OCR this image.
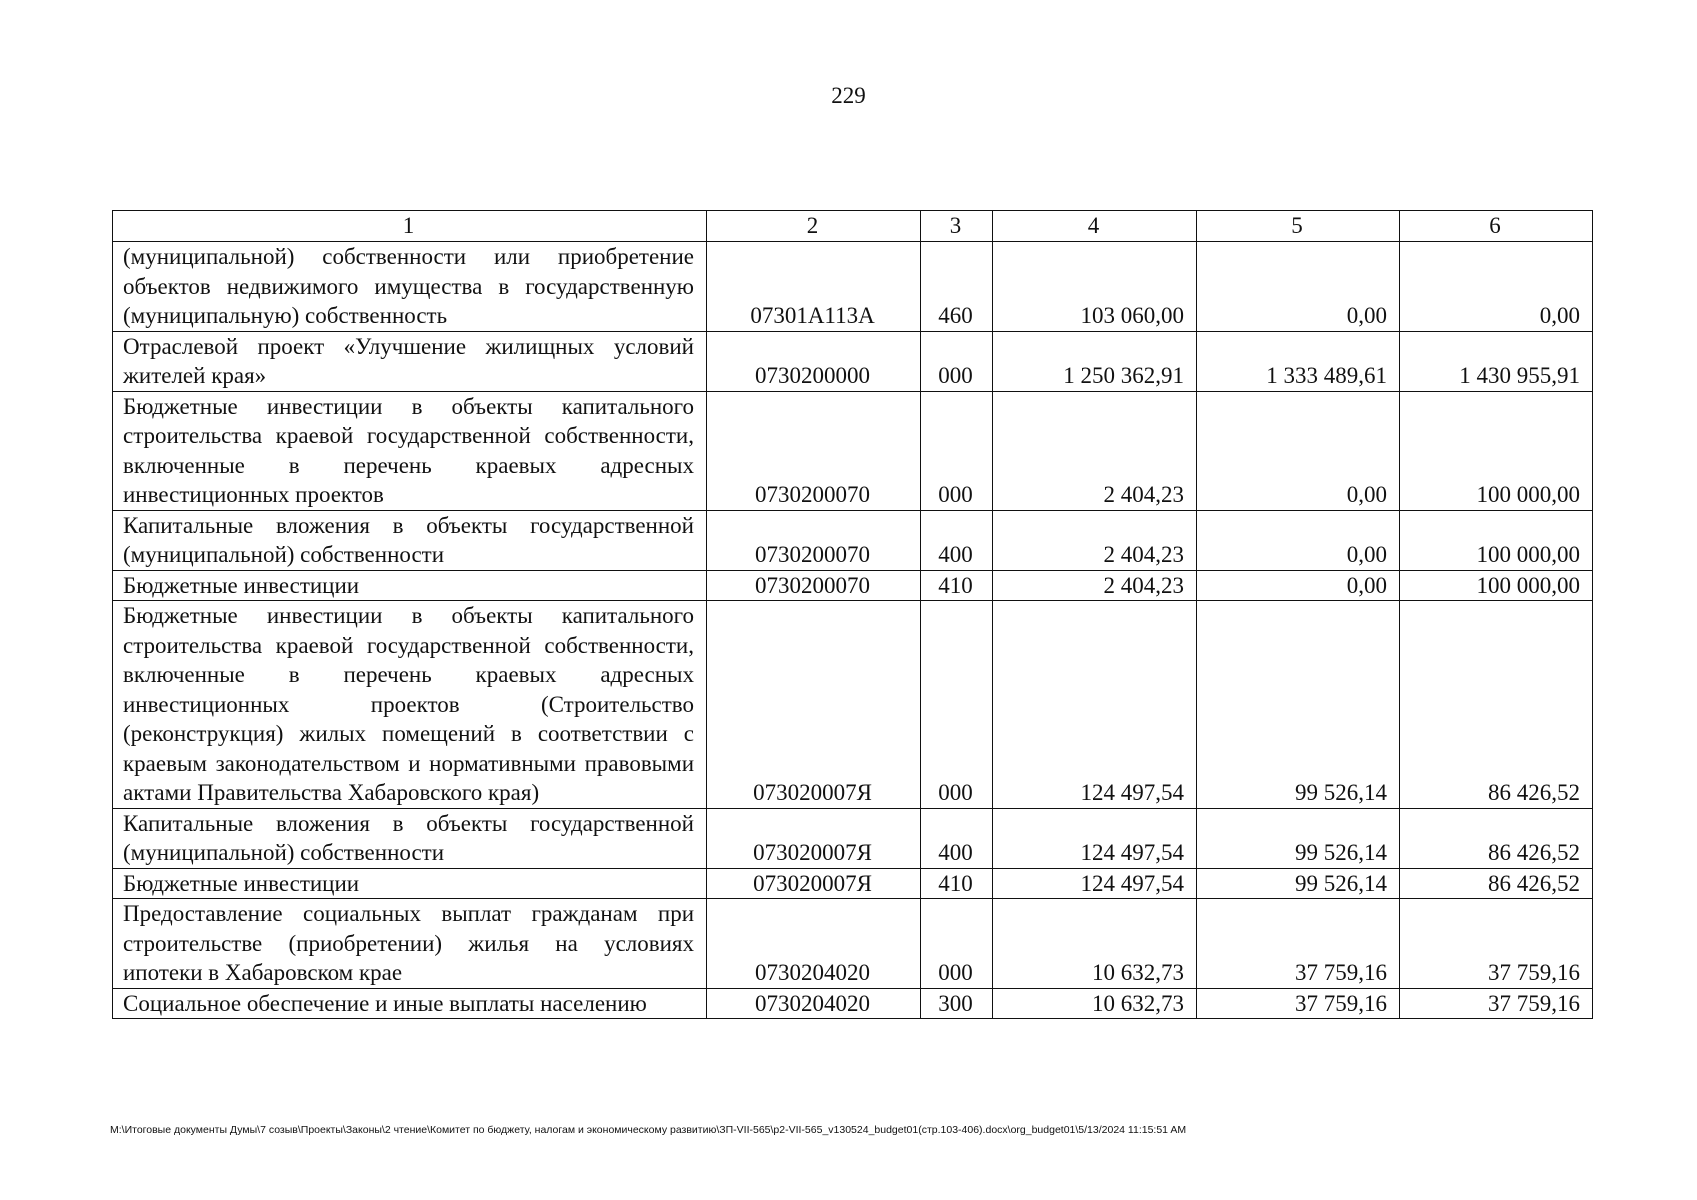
229
1	2	3	4	5	6
(муниципальной) собственности или приобретение объектов недвижимого имущества в государственную (муниципальную) собственность	07301А113А	460	103 060,00	0,00	0,00
Отраслевой проект «Улучшение жилищных условий жителей края»	0730200000	000	1 250 362,91	1 333 489,61	1 430 955,91
Бюджетные инвестиции в объекты капитального строительства краевой государственной собственности, включенные в перечень краевых адресных инвестиционных проектов	0730200070	000	2 404,23	0,00	100 000,00
Капитальные вложения в объекты государственной (муниципальной) собственности	0730200070	400	2 404,23	0,00	100 000,00
Бюджетные инвестиции	0730200070	410	2 404,23	0,00	100 000,00
Бюджетные инвестиции в объекты капитального строительства краевой государственной собственности, включенные в перечень краевых адресных инвестиционных проектов (Строительство (реконструкция) жилых помещений в соответствии с краевым законодательством и нормативными правовыми актами Правительства Хабаровского края)	073020007Я	000	124 497,54	99 526,14	86 426,52
Капитальные вложения в объекты государственной (муниципальной) собственности	073020007Я	400	124 497,54	99 526,14	86 426,52
Бюджетные инвестиции	073020007Я	410	124 497,54	99 526,14	86 426,52
Предоставление социальных выплат гражданам при строительстве (приобретении) жилья на условиях ипотеки в Хабаровском крае	0730204020	000	10 632,73	37 759,16	37 759,16
Социальное обеспечение и иные выплаты населению	0730204020	300	10 632,73	37 759,16	37 759,16
М:\Итоговые документы Думы\7 созыв\Проекты\Законы\2 чтение\Комитет по бюджету, налогам и экономическому развитию\ЗП-VII-565\р2-VII-565_v130524_budget01(стр.103-406).docx\org_budget01\5/13/2024 11:15:51 AM
